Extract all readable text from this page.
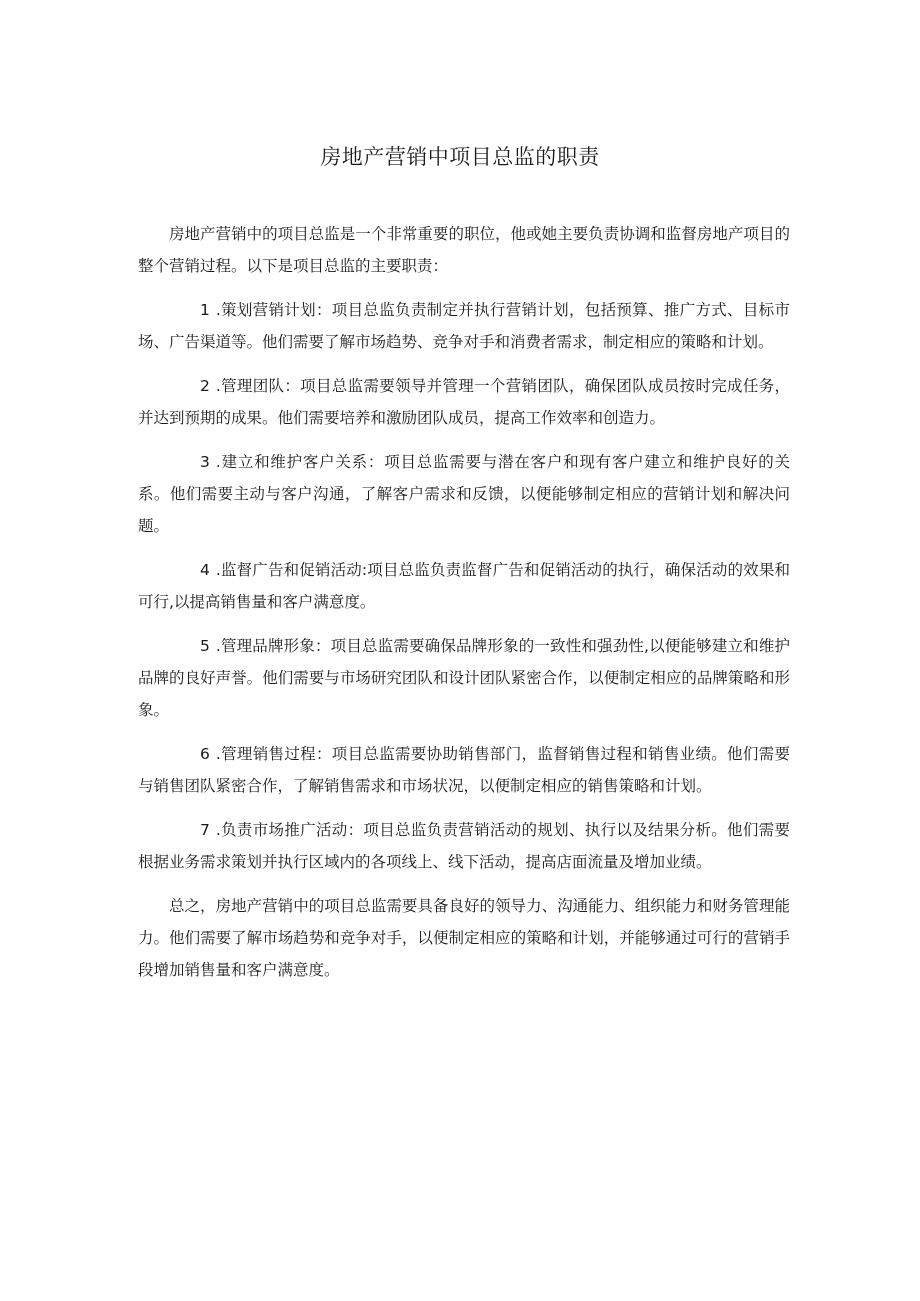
房地产营销中项目总监的职责

房地产营销中的项目总监是一个非常重要的职位，他或她主要负责协调和监督房地产项目的整个营销过程。以下是项目总监的主要职责：

1 .策划营销计划：项目总监负责制定并执行营销计划，包括预算、推广方式、目标市场、广告渠道等。他们需要了解市场趋势、竞争对手和消费者需求，制定相应的策略和计划。

2 .管理团队：项目总监需要领导并管理一个营销团队，确保团队成员按时完成任务，并达到预期的成果。他们需要培养和激励团队成员，提高工作效率和创造力。

3 .建立和维护客户关系：项目总监需要与潜在客户和现有客户建立和维护良好的关系。他们需要主动与客户沟通，了解客户需求和反馈，以便能够制定相应的营销计划和解决问题。

4 .监督广告和促销活动:项目总监负责监督广告和促销活动的执行，确保活动的效果和可行,以提高销售量和客户满意度。

5 .管理品牌形象：项目总监需要确保品牌形象的一致性和强劲性,以便能够建立和维护品牌的良好声誉。他们需要与市场研究团队和设计团队紧密合作，以便制定相应的品牌策略和形象。

6 .管理销售过程：项目总监需要协助销售部门，监督销售过程和销售业绩。他们需要与销售团队紧密合作，了解销售需求和市场状况，以便制定相应的销售策略和计划。

7 .负责市场推广活动：项目总监负责营销活动的规划、执行以及结果分析。他们需要根据业务需求策划并执行区域内的各项线上、线下活动，提高店面流量及增加业绩。

总之，房地产营销中的项目总监需要具备良好的领导力、沟通能力、组织能力和财务管理能力。他们需要了解市场趋势和竞争对手，以便制定相应的策略和计划，并能够通过可行的营销手段增加销售量和客户满意度。
